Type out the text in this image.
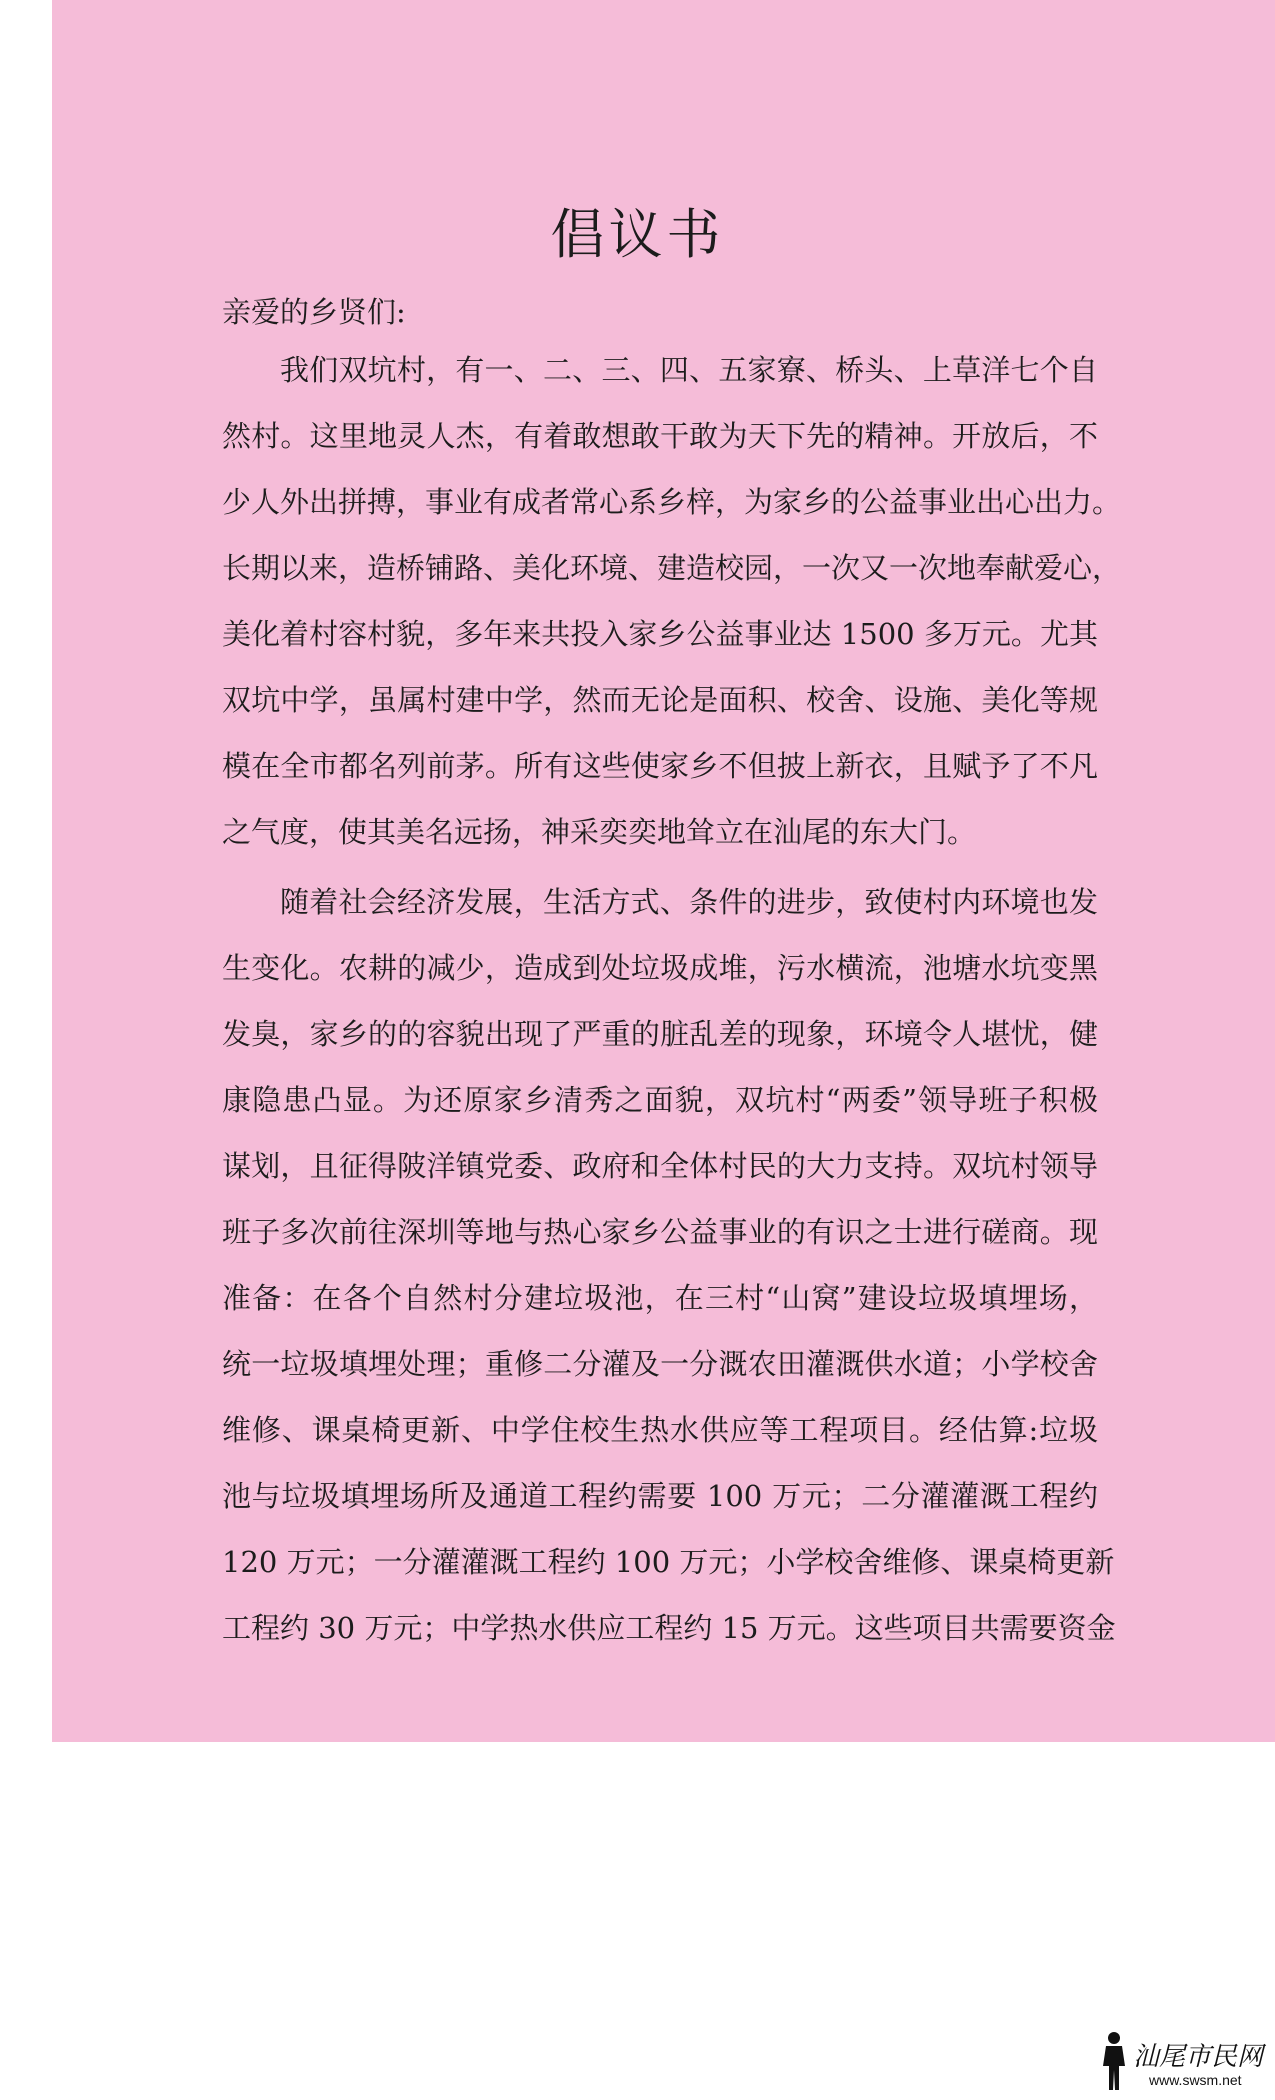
倡议书
亲爱的乡贤们:
我们双坑村，有一、二、三、四、五家寮、桥头、上草洋七个自
然村。这里地灵人杰，有着敢想敢干敢为天下先的精神。开放后，不
少人外出拼搏，事业有成者常心系乡梓，为家乡的公益事业出心出力。
长期以来，造桥铺路、美化环境、建造校园，一次又一次地奉献爱心，
美化着村容村貌，多年来共投入家乡公益事业达 1500 多万元。尤其
双坑中学，虽属村建中学，然而无论是面积、校舍、设施、美化等规
模在全市都名列前茅。所有这些使家乡不但披上新衣，且赋予了不凡
之气度，使其美名远扬，神采奕奕地耸立在汕尾的东大门。
随着社会经济发展，生活方式、条件的进步，致使村内环境也发
生变化。农耕的减少，造成到处垃圾成堆，污水横流，池塘水坑变黑
发臭，家乡的的容貌出现了严重的脏乱差的现象，环境令人堪忧，健
康隐患凸显。为还原家乡清秀之面貌，双坑村“两委”领导班子积极
谋划，且征得陂洋镇党委、政府和全体村民的大力支持。双坑村领导
班子多次前往深圳等地与热心家乡公益事业的有识之士进行磋商。现
准备：在各个自然村分建垃圾池，在三村“山窝”建设垃圾填埋场，
统一垃圾填埋处理；重修二分灌及一分溉农田灌溉供水道；小学校舍
维修、课桌椅更新、中学住校生热水供应等工程项目。经估算:垃圾
池与垃圾填埋场所及通道工程约需要 100 万元；二分灌灌溉工程约
120 万元；一分灌灌溉工程约 100 万元；小学校舍维修、课桌椅更新
工程约 30 万元；中学热水供应工程约 15 万元。这些项目共需要资金
汕尾市民网
www.swsm.net
